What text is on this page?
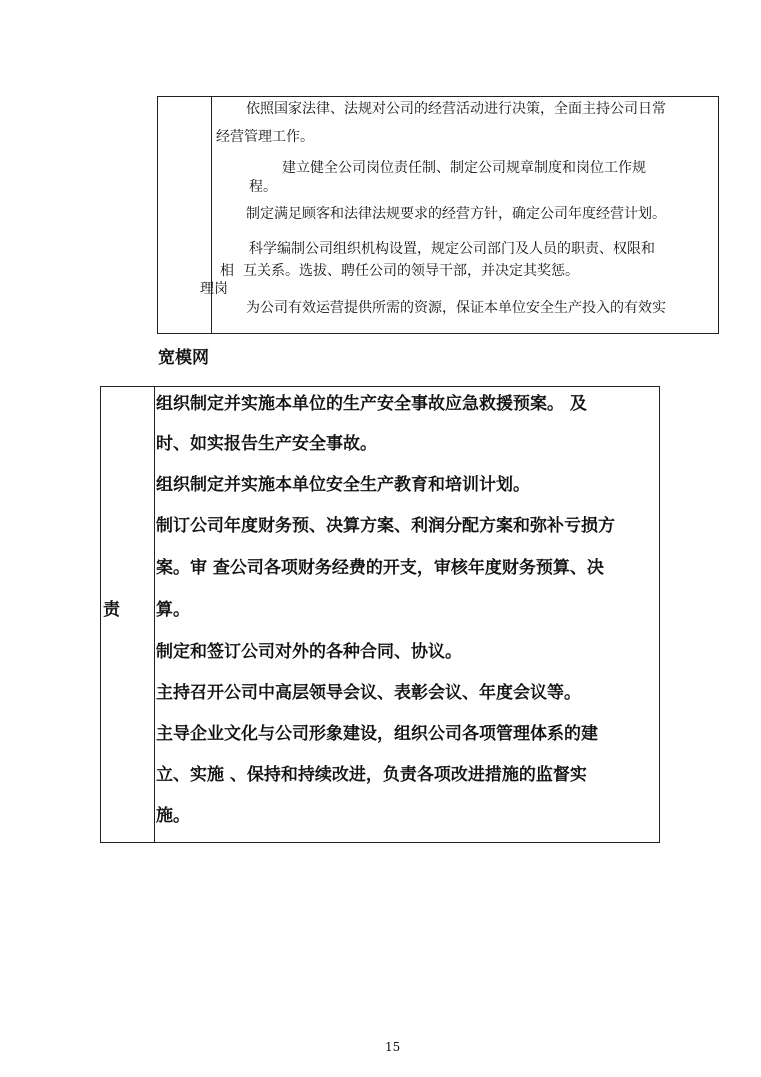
相
理岗
依照国家法律、法规对公司的经营活动进行决策，全面主持公司日常
经营管理工作。
建立健全公司岗位责任制、制定公司规章制度和岗位工作规
程。
制定满足顾客和法律法规要求的经营方针，确定公司年度经营计划。
科学编制公司组织机构设置，规定公司部门及人员的职责、权限和
互关系。选拔、聘任公司的领导干部，并决定其奖惩。
为公司有效运营提供所需的资源，保证本单位安全生产投入的有效实
宽模网
责
组织制定并实施本单位的生产安全事故应急救援预案。 及
时、如实报告生产安全事故。
组织制定并实施本单位安全生产教育和培训计划。
制订公司年度财务预、决算方案、利润分配方案和弥补亏损方
案。审 查公司各项财务经费的开支，审核年度财务预算、决
算。
制定和签订公司对外的各种合同、协议。
主持召开公司中高层领导会议、表彰会议、年度会议等。
主导企业文化与公司形象建设，组织公司各项管理体系的建
立、实施 、保持和持续改进，负责各项改进措施的监督实
施。
15
